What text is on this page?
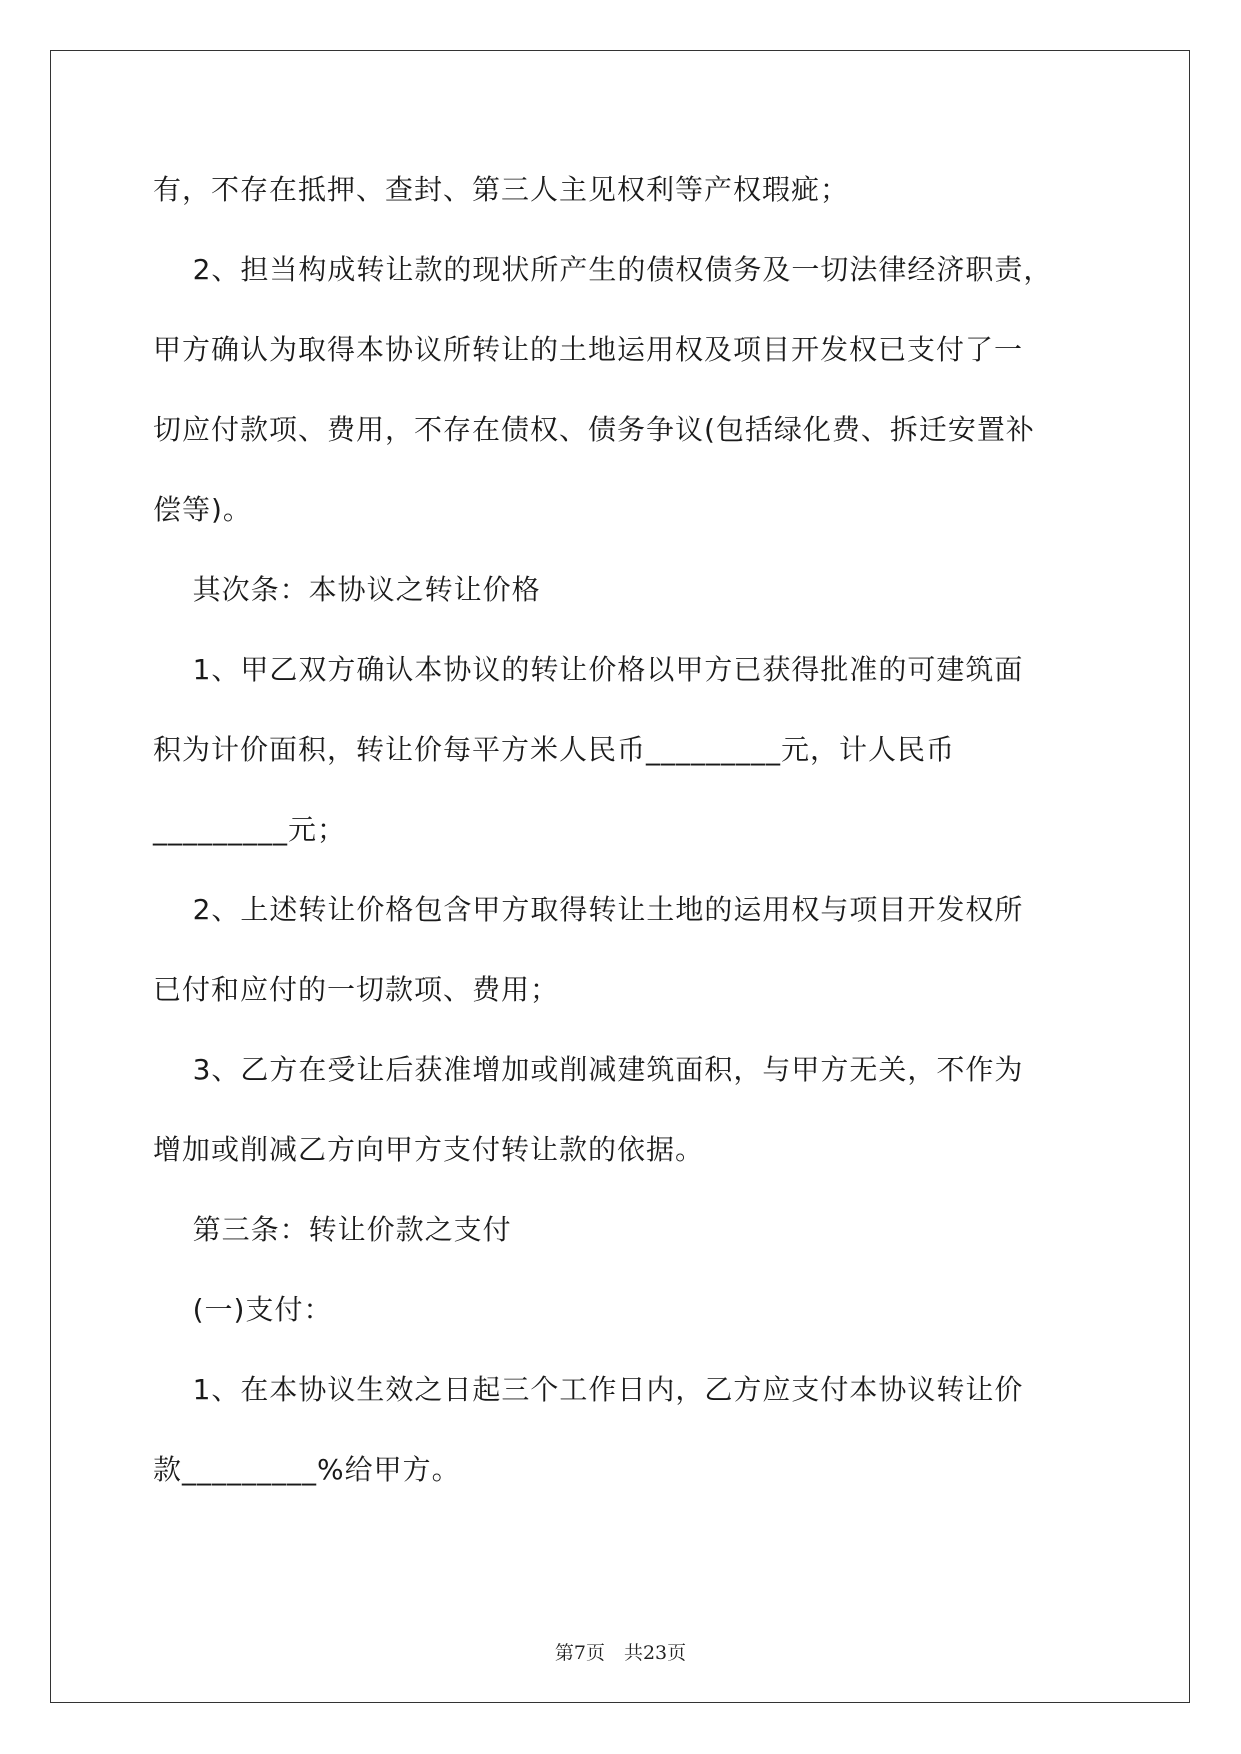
有，不存在抵押、查封、第三人主见权利等产权瑕疵；
2、担当构成转让款的现状所产生的债权债务及一切法律经济职责，
甲方确认为取得本协议所转让的土地运用权及项目开发权已支付了一
切应付款项、费用，不存在债权、债务争议(包括绿化费、拆迁安置补
偿等)。
其次条：本协议之转让价格
1、甲乙双方确认本协议的转让价格以甲方已获得批准的可建筑面
积为计价面积，转让价每平方米人民币_________元，计人民币
_________元；
2、上述转让价格包含甲方取得转让土地的运用权与项目开发权所
已付和应付的一切款项、费用；
3、乙方在受让后获准增加或削减建筑面积，与甲方无关，不作为
增加或削减乙方向甲方支付转让款的依据。
第三条：转让价款之支付
(一)支付：
1、在本协议生效之日起三个工作日内，乙方应支付本协议转让价
款_________%给甲方。
第7页　共23页
